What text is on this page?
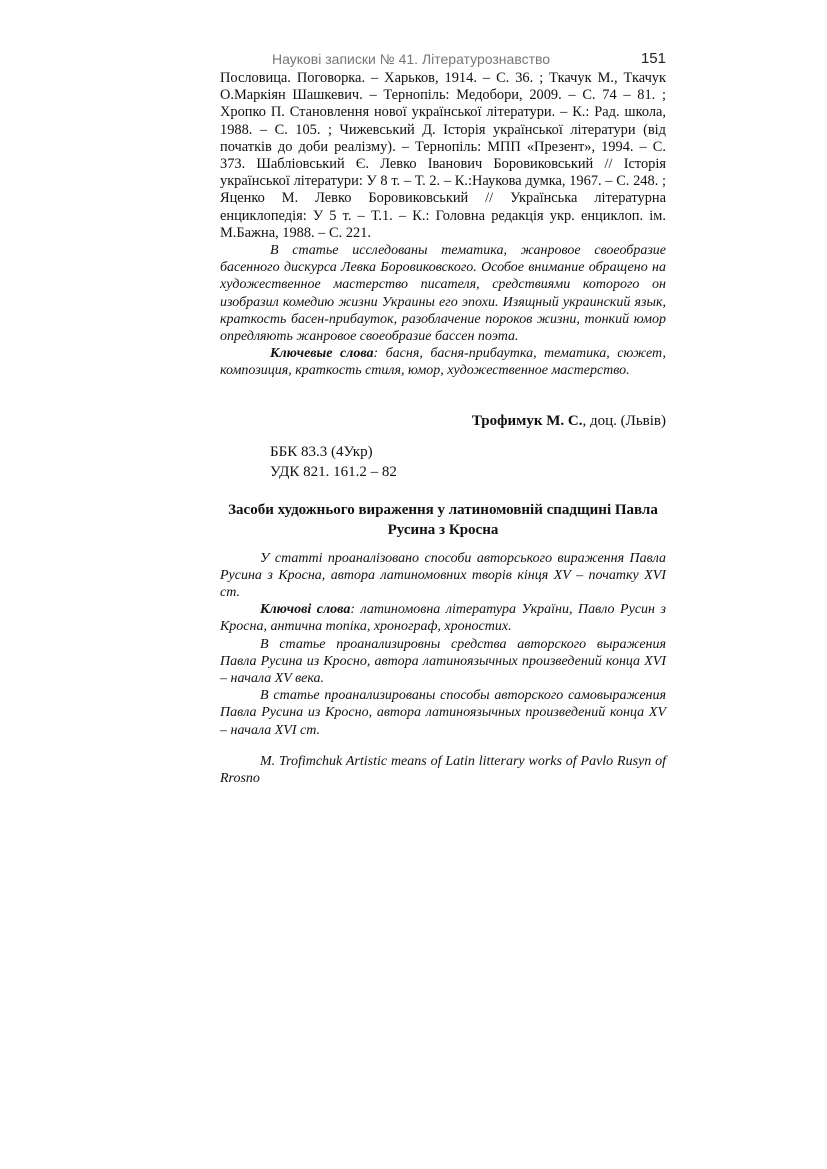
Наукові записки № 41. Літературознавство	151

Пословица. Поговорка. – Харьков, 1914. – С. 36. ; Ткачук М., Ткачук О.Маркіян Шашкевич. – Тернопіль: Медобори, 2009. – С. 74 – 81. ; Хропко П. Становлення нової української літератури. – К.: Рад. школа, 1988. – С. 105. ; Чижевський Д. Історія української літератури (від початків до доби реалізму). – Тернопіль: МПП «Презент», 1994. – С. 373. Шабліовський Є. Левко Іванович Боровиковський // Історія української літератури: У 8 т. – Т. 2. – К.:Наукова думка, 1967. – С. 248. ; Яценко М. Левко Боровиковський // Українська літературна енциклопедія: У 5 т. – Т.1. – К.: Головна редакція укр. енциклоп. ім. М.Бажна, 1988. – С. 221.

В статье исследованы тематика, жанровое своеобразие басенного дискурса Левка Боровиковского. Особое внимание обращено на художественное мастерство писателя, средствиями которого он изобразил комедию жизни Украины его эпохи. Изящный украинский язык, краткость басен-прибауток, разоблачение пороков жизни, тонкий юмор опредляють жанровое своеобразие бассен поэта.

Ключевые слова: басня, басня-прибаутка, тематика, сюжет, композиция, краткость стиля, юмор, художественное мастерство.

Трофимук М. С., доц. (Львів)
ББК 83.3 (4Укр)
УДК 821. 161.2 – 82
Засоби художнього вираження у латиномовній спадщині Павла Русина з Кросна

У статті проаналізовано способи авторського вираження Павла Русина з Кросна, автора латиномовних творів кінця XV – початку XVI ст.

Ключові слова: латиномовна література України, Павло Русин з Кросна, антична топіка, хронограф, хроностих.

В статье проанализировны средства авторского выражения Павла Русина из Кросно, автора латиноязычных произведений конца XVI – начала XV века.

В статье проанализированы способы авторского самовыражения Павла Русина из Кросно, автора латиноязычных произведений конца XV – начала XVI ст.

M. Trofimchuk Artistic means of Latin litterary works of Pavlo Rusyn of Rrosno
